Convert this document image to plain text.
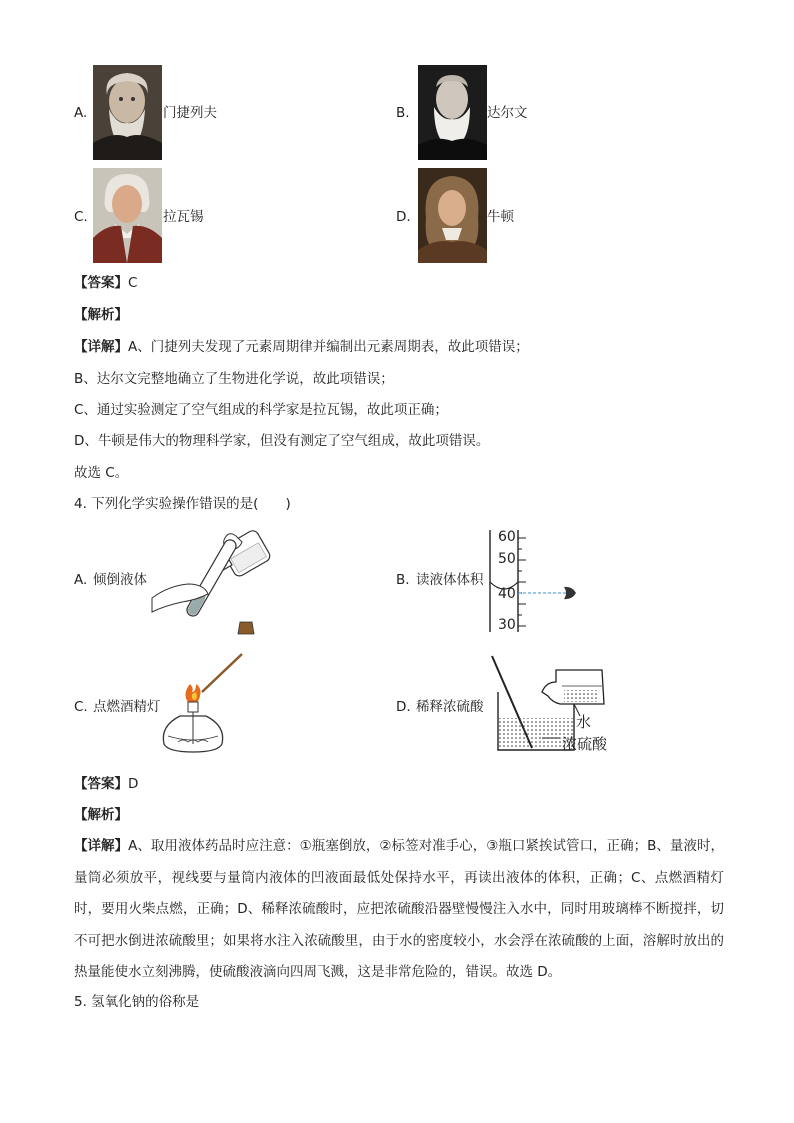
A.	门捷列夫	B.	达尔文
C.	拉瓦锡	D.	牛顿
【答案】C
【解析】
【详解】A、门捷列夫发现了元素周期律并编制出元素周期表，故此项错误；
B、达尔文完整地确立了生物进化学说，故此项错误；
C、通过实验测定了空气组成的科学家是拉瓦锡，故此项正确；
D、牛顿是伟大的物理科学家，但没有测定了空气组成，故此项错误。
故选 C。
4. 下列化学实验操作错误的是(　　)
A. 倾倒液体	B. 读液体体积
60
50
40
30
C. 点燃酒精灯	D. 稀释浓硫酸
水
浓硫酸
【答案】D
【解析】
【详解】A、取用液体药品时应注意：①瓶塞倒放，②标签对准手心，③瓶口紧挨试管口，正确；B、量液时，量筒必须放平，视线要与量筒内液体的凹液面最低处保持水平，再读出液体的体积，正确；C、点燃酒精灯时，要用火柴点燃，正确；D、稀释浓硫酸时，应把浓硫酸沿器壁慢慢注入水中，同时用玻璃棒不断搅拌，切不可把水倒进浓硫酸里；如果将水注入浓硫酸里，由于水的密度较小，水会浮在浓硫酸的上面，溶解时放出的热量能使水立刻沸腾，使硫酸液滴向四周飞溅，这是非常危险的，错误。故选 D。
5. 氢氧化钠的俗称是
